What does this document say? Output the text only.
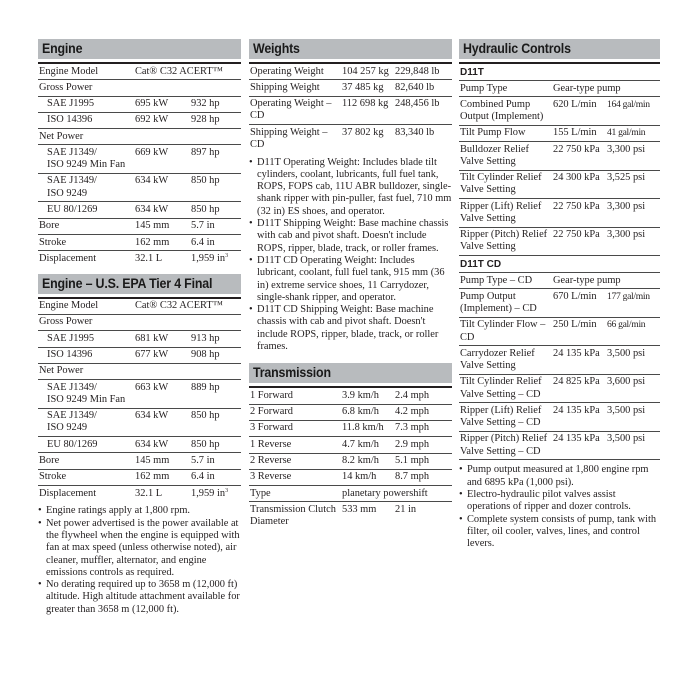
Engine
Engine Model	Cat® C32 ACERT™
Gross Power
SAE J1995	695 kW	932 hp
ISO 14396	692 kW	928 hp
Net Power
SAE J1349/
ISO 9249 Min Fan
669 kW	897 hp
SAE J1349/
ISO 9249
634 kW	850 hp
EU 80/1269	634 kW	850 hp
Bore	145 mm	5.7 in
Stroke	162 mm	6.4 in
Displacement	32.1 L	1,959 $in^3$
Engine – U.S. EPA Tier 4 Final
Engine Model	Cat® C32 ACERT™
Gross Power
SAE J1995	681 kW	913 hp
ISO 14396	677 kW	908 hp
Net Power
SAE J1349/
ISO 9249 Min Fan
663 kW	889 hp
SAE J1349/
ISO 9249
634 kW	850 hp
EU 80/1269	634 kW	850 hp
Bore	145 mm	5.7 in
Stroke	162 mm	6.4 in
Displacement	32.1 L	1,959 $in^3$
• Engine ratings apply at 1,800 rpm.
• Net power advertised is the power available at the flywheel when the engine is equipped with fan at max speed (unless otherwise noted), air cleaner, muffler, alternator, and engine emissions controls as required.
• No derating required up to 3658 m (12,000 ft) altitude. High altitude attachment available for greater than 3658 m (12,000 ft).
Weights
Operating Weight	104 257 kg 229,848 lb
Shipping Weight	37 485 kg	82,640 lb
Operating Weight –
CD
112 698 kg 248,456 lb
Shipping Weight –
CD
37 802 kg	83,340 lb
• D11T Operating Weight: Includes blade tilt cylinders, coolant, lubricants, full fuel tank, ROPS, FOPS cab, 11U ABR bulldozer, single-shank ripper with pin-puller, fast fuel, 710 mm (32 in) ES shoes, and operator.
• D11T Shipping Weight: Base machine chassis with cab and pivot shaft. Doesn't include ROPS, ripper, blade, track, or roller frames.
• D11T CD Operating Weight: Includes lubricant, coolant, full fuel tank, 915 mm (36 in) extreme service shoes, 11 Carrydozer, single-shank ripper, and operator.
• D11T CD Shipping Weight: Base machine chassis with cab and pivot shaft. Doesn't include ROPS, ripper, blade, track, or roller frames.
Transmission
1 Forward	3.9 km/h	2.4 mph
2 Forward	6.8 km/h	4.2 mph
3 Forward	11.8 km/h	7.3 mph
1 Reverse	4.7 km/h	2.9 mph
2 Reverse	8.2 km/h	5.1 mph
3 Reverse	14 km/h	8.7 mph
Type	planetary powershift
Transmission Clutch
Diameter
533 mm	21 in
Hydraulic Controls
D11T
Pump Type	Gear-type pump
Combined Pump
Output (Implement)
620 L/min	164 gal/min
Tilt Pump Flow	155 L/min	41 gal/min
Bulldozer Relief
Valve Setting
22 750 kPa 3,300 psi
Tilt Cylinder Relief
Valve Setting
24 300 kPa 3,525 psi
Ripper (Lift) Relief
Valve Setting
22 750 kPa 3,300 psi
Ripper (Pitch) Relief
Valve Setting
22 750 kPa 3,300 psi
D11T CD
Pump Type – CD	Gear-type pump
Pump Output
(Implement) – CD
670 L/min	177 gal/min
Tilt Cylinder Flow –
CD
250 L/min	66 gal/min
Carrydozer Relief
Valve Setting
24 135 kPa 3,500 psi
Tilt Cylinder Relief
Valve Setting – CD
24 825 kPa 3,600 psi
Ripper (Lift) Relief
Valve Setting – CD
24 135 kPa 3,500 psi
Ripper (Pitch) Relief
Valve Setting – CD
24 135 kPa 3,500 psi
• Pump output measured at 1,800 engine rpm and 6895 kPa (1,000 psi).
• Electro-hydraulic pilot valves assist operations of ripper and dozer controls.
• Complete system consists of pump, tank with filter, oil cooler, valves, lines, and control levers.
